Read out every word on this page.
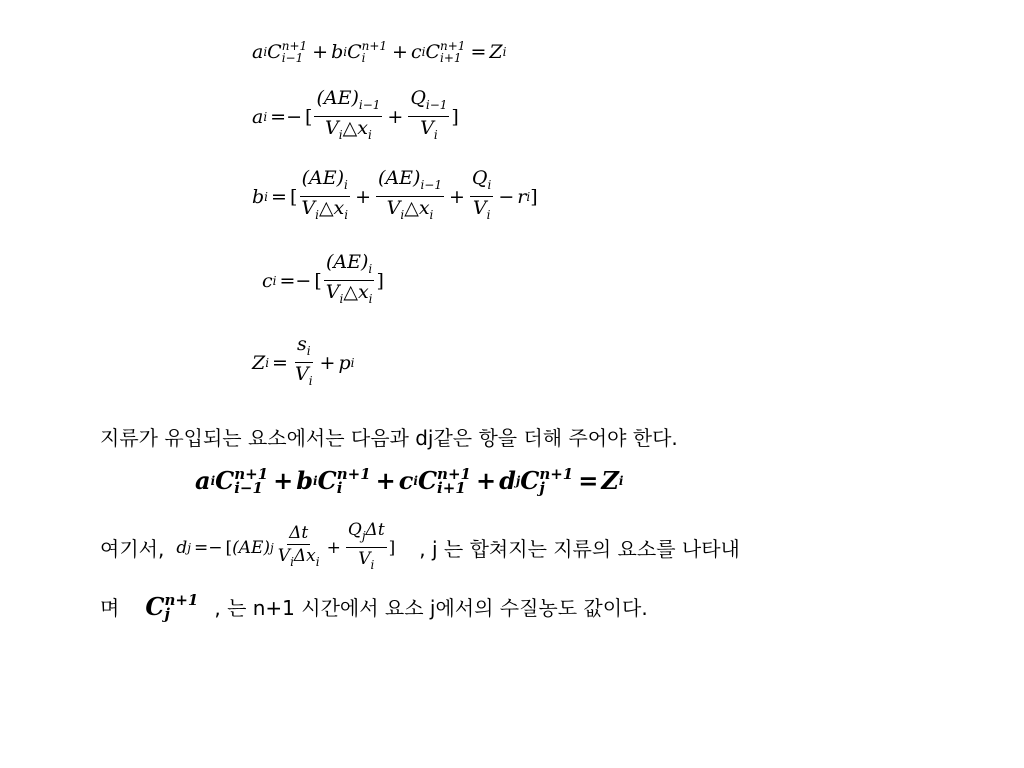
a i C n+1
i−1 + b i C n+1
i	+ c i C n+1
i+1 = Z i
a i =− [ $\frac{(AE)_{i-1}}{V_i\triangle x_i} + \frac{Q_{i-1}}{V_i}$ ]
b i = [ $\frac{(AE)_i}{V_i\triangle x_i} + \frac{(AE)_{i-1}}{V_i\triangle x_i} + \frac{Q_i}{V_i} - r$ i ]
c i =− [ $\frac{(AE)_i}{V_i\triangle x_i}$ ]
Z $i = \frac{s_i}{V_i} + p$ i
지류가 유입되는 요소에서는 다음과 dj같은 항을 더해 주어야 한다.
a i C n+1
i−1 + b i C n+1
i	+ c i C n+1
i+1 + d j C n+1
j	= Z i
여기서, d j =− [ (AE) j $\frac{\Delta t}{V_i\Delta x_i} + \frac{Q_j\Delta t}{V_i}$ ] , j 는 합쳐지는 지류의 요소를 나타내
며 C n+1
j	, 는 n+1 시간에서 요소 j에서의 수질농도 값이다.
